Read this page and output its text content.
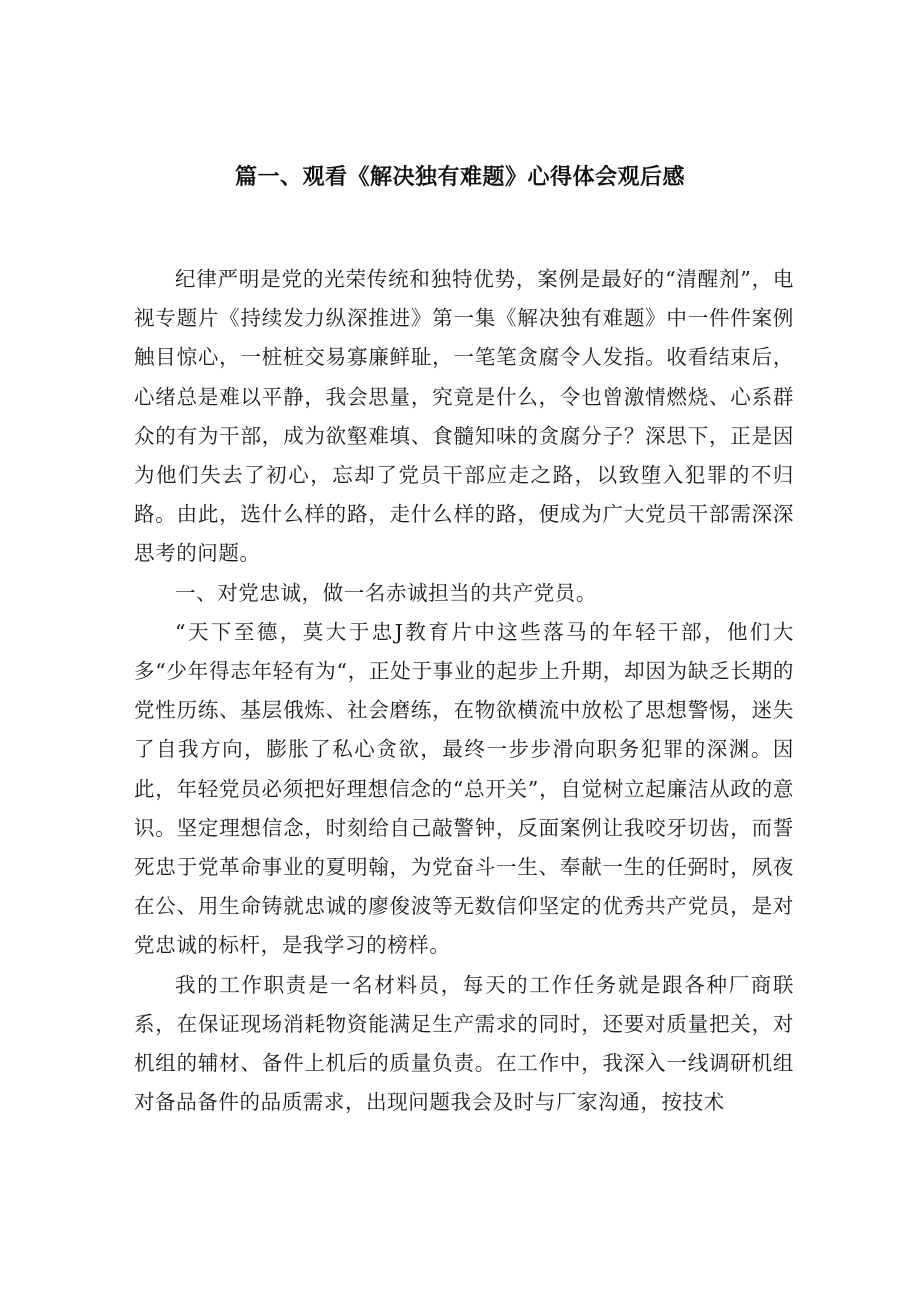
篇一、观看《解决独有难题》心得体会观后感

纪律严明是党的光荣传统和独特优势，案例是最好的“清醒剂”，电视专题片《持续发力纵深推进》第一集《解决独有难题》中一件件案例触目惊心，一桩桩交易寡廉鲜耻，一笔笔贪腐令人发指。收看结束后，心绪总是难以平静，我会思量，究竟是什么，令也曾激情燃烧、心系群众的有为干部，成为欲壑难填、食髓知味的贪腐分子？深思下，正是因为他们失去了初心，忘却了党员干部应走之路，以致堕入犯罪的不归路。由此，选什么样的路，走什么样的路，便成为广大党员干部需深深思考的问题。

一、对党忠诚，做一名赤诚担当的共产党员。

“天下至德，莫大于忠J教育片中这些落马的年轻干部，他们大多“少年得志年轻有为“，正处于事业的起步上升期，却因为缺乏长期的党性历练、基层俄炼、社会磨练，在物欲横流中放松了思想警惕，迷失了自我方向，膨胀了私心贪欲，最终一步步滑向职务犯罪的深渊。因此，年轻党员必须把好理想信念的“总开关”，自觉树立起廉洁从政的意识。坚定理想信念，时刻给自己敲警钟，反面案例让我咬牙切齿，而誓死忠于党革命事业的夏明翰，为党奋斗一生、奉献一生的任弼时，夙夜在公、用生命铸就忠诚的廖俊波等无数信仰坚定的优秀共产党员，是对党忠诚的标杆，是我学习的榜样。

我的工作职责是一名材料员，每天的工作任务就是跟各种厂商联系，在保证现场消耗物资能满足生产需求的同时，还要对质量把关，对机组的辅材、备件上机后的质量负责。在工作中，我深入一线调研机组对备品备件的品质需求，出现问题我会及时与厂家沟通，按技术
